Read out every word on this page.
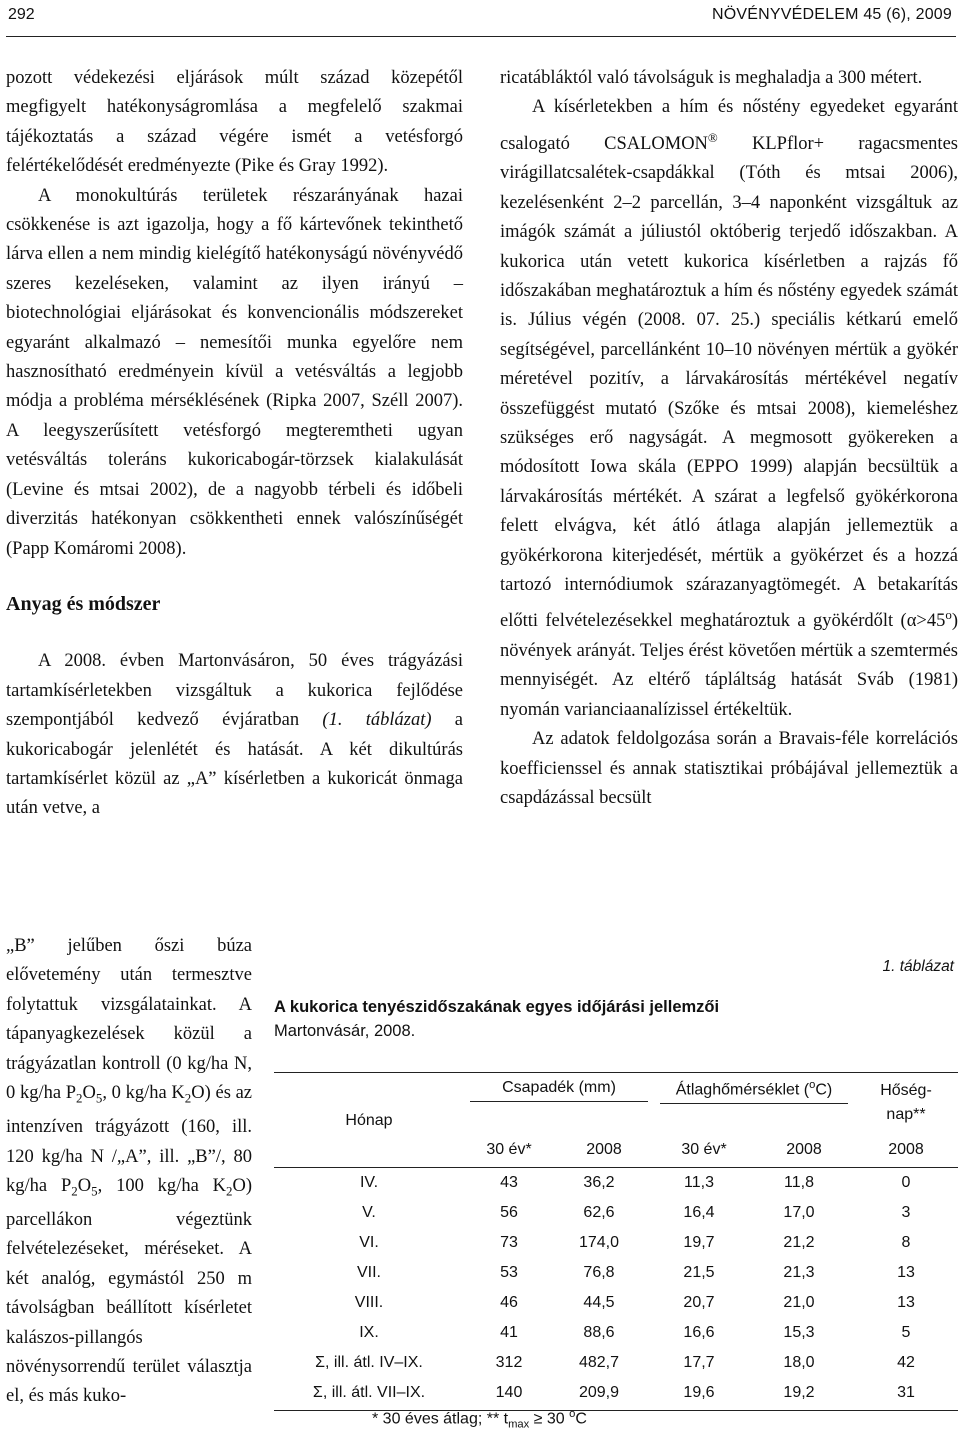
292	NÖVÉNYVÉDELEM 45 (6), 2009

pozott védekezési eljárások múlt század közepétől megfigyelt hatékonyságromlása a megfelelő szakmai tájékoztatás a század végére ismét a vetésforgó felértékelődését eredményezte (Pike és Gray 1992).

A monokultúrás területek részarányának hazai csökkenése is azt igazolja, hogy a fő kártevőnek tekinthető lárva ellen a nem mindig kielégítő hatékonyságú növényvédő szeres kezeléseken, valamint az ilyen irányú – biotechnológiai eljárásokat és konvencionális módszereket egyaránt alkalmazó – nemesítői munka egyelőre nem hasznosítható eredményein kívül a vetésváltás a legjobb módja a probléma mérséklésének (Ripka 2007, Széll 2007). A leegyszerűsített vetésforgó megteremtheti ugyan vetésváltás toleráns kukoricabogár-törzsek kialakulását (Levine és mtsai 2002), de a nagyobb térbeli és időbeli diverzitás hatékonyan csökkentheti ennek valószínűségét (Papp Komáromi 2008).

Anyag és módszer

A 2008. évben Martonvásáron, 50 éves trágyázási tartamkísérletekben vizsgáltuk a kukorica fejlődése szempontjából kedvező évjáratban (1. táblázat) a kukoricabogár jelenlétét és hatását. A két dikultúrás tartamkísérlet közül az „A” kísérletben a kukoricát önmaga után vetve, a

„B” jelűben őszi búza elővetemény után termesztve folytattuk vizsgálatainkat. A tápanyagkezelések közül a trágyázatlan kontroll (0 kg/ha N, 0 kg/ha $P_2O_5$, 0 kg/ha $K_2O$) és az intenzíven trágyázott (160, ill. 120 kg/ha N /„A”, ill. „B”/, 80 kg/ha $P_2O_5$, 100 kg/ha $K_2O$) parcellákon végeztünk felvételezéseket, méréseket. A két analóg, egymástól 250 m távolságban beállított kísérletet kalászos-pillangós növénysorrendű terület választja el, és más kuko-

ricatábláktól való távolságuk is meghaladja a 300 métert.

A kísérletekben a hím és nőstény egyedeket egyaránt csalogató CSALOMON® KLPflor+ ragacsmentes virágillatcsalétek-csapdákkal (Tóth és mtsai 2006), kezelésenként 2–2 parcellán, 3–4 naponként vizsgáltuk az imágók számát a júliustól októberig terjedő időszakban. A kukorica után vetett kukorica kísérletben a rajzás fő időszakában meghatároztuk a hím és nőstény egyedek számát is. Július végén (2008. 07. 25.) speciális kétkarú emelő segítségével, parcellánként 10–10 növényen mértük a gyökér méretével pozitív, a lárvakárosítás mértékével negatív összefüggést mutató (Szőke és mtsai 2008), kiemeléshez szükséges erő nagyságát. A megmosott gyökereken a módosított Iowa skála (EPPO 1999) alapján becsültük a lárvakárosítás mértékét. A szárat a legfelső gyökérkorona felett elvágva, két átló átlaga alapján jellemeztük a gyökérkorona kiterjedését, mértük a gyökérzet és a hozzá tartozó internódiumok szárazanyagtömegét. A betakarítás előtti felvételezésekkel meghatároztuk a gyökérdőlt $(\alpha>45^o)$ növények arányát. Teljes érést követően mértük a szemtermés mennyiségét. Az eltérő tápláltság hatását Sváb (1981) nyomán varianciaanalízissel értékeltük.

Az adatok feldolgozása során a Bravais-féle korrelációs koefficienssel és annak statisztikai próbájával jellemeztük a csapdázással becsült

1. táblázat
A kukorica tenyészidőszakának egyes időjárási jellemzői
Martonvásár, 2008.
Hónap	Csapadék (mm)		Átlaghőmérséklet ($^o$C)		Hőség-
nap**
	30 év*	2008	30 év*	2008	2008

IV.	43	36,2	11,3	11,8	0
V.	56	62,6	16,4	17,0	3
VI.	73	174,0	19,7	21,2	8
VII.	53	76,8	21,5	21,3	13
VIII.	46	44,5	20,7	21,0	13
IX.	41	88,6	16,6	15,3	5
Σ, ill. átl. IV–IX.	312	482,7	17,7	18,0	42
Σ, ill. átl. VII–IX.	140	209,9	19,6	19,2	31

* 30 éves átlag; ** $t_{max} \ge 30$ $^o$C
